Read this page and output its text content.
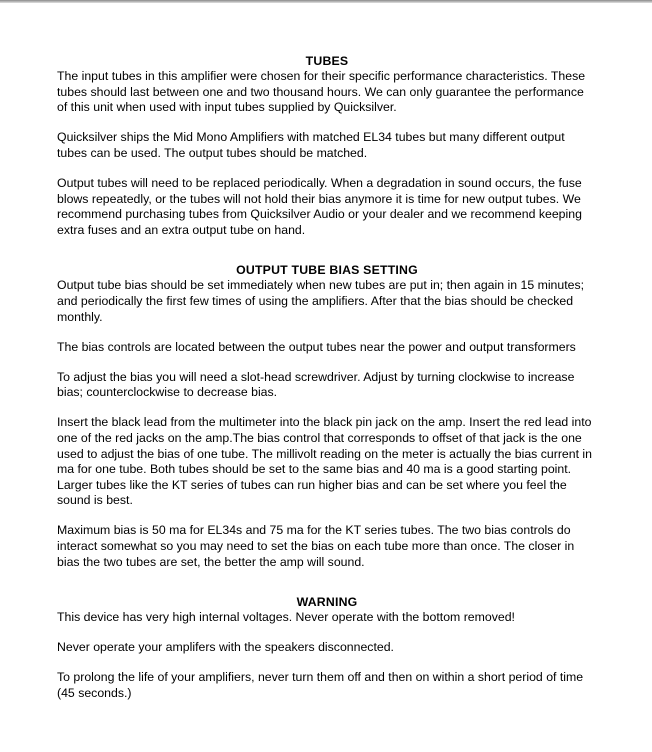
TUBES

The input tubes in this amplifier were chosen for their specific performance characteristics. These tubes should last between one and two thousand hours. We can only guarantee the performance of this unit when used with input tubes supplied by Quicksilver.

Quicksilver ships the Mid Mono Amplifiers with matched EL34 tubes but many different output tubes can be used. The output tubes should be matched.

Output tubes will need to be replaced periodically. When a degradation in sound occurs, the fuse blows repeatedly, or the tubes will not hold their bias anymore it is time for new output tubes. We recommend purchasing tubes from Quicksilver Audio or your dealer and we recommend keeping extra fuses and an extra output tube on hand.

OUTPUT TUBE BIAS SETTING

Output tube bias should be set immediately when new tubes are put in; then again in 15 minutes; and periodically the first few times of using the amplifiers. After that the bias should be checked monthly.

The bias controls are located between the output tubes near the power and output transformers

To adjust the bias you will need a slot-head screwdriver. Adjust by turning clockwise to increase bias; counterclockwise to decrease bias.

Insert the black lead from the multimeter into the black pin jack on the amp. Insert the red lead into one of the red jacks on the amp.The bias control that corresponds to offset of that jack is the one used to adjust the bias of one tube. The millivolt reading on the meter is actually the bias current in ma for one tube. Both tubes should be set to the same bias and 40 ma is a good starting point. Larger tubes like the KT series of tubes can run higher bias and can be set where you feel the sound is best.

Maximum bias is 50 ma for EL34s and 75 ma for the KT series tubes. The two bias controls do interact somewhat so you may need to set the bias on each tube more than once. The closer in bias the two tubes are set, the better the amp will sound.

WARNING

This device has very high internal voltages. Never operate with the bottom removed!

Never operate your amplifers with the speakers disconnected.

To prolong the life of your amplifiers, never turn them off and then on within a short period of time (45 seconds.)
